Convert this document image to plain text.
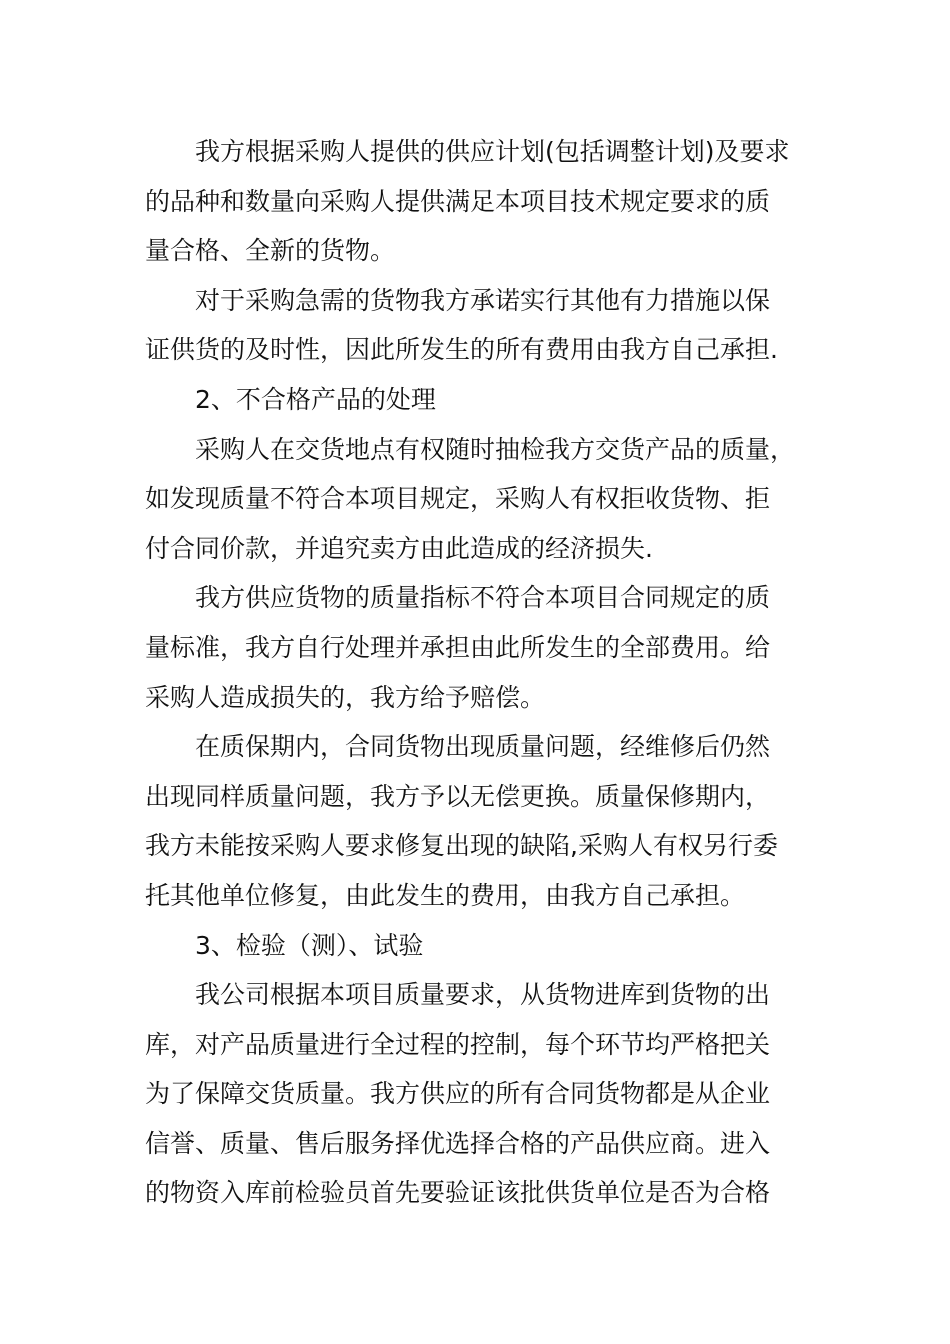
我方根据采购人提供的供应计划(包括调整计划)及要求
的品种和数量向采购人提供满足本项目技术规定要求的质
量合格、全新的货物。

对于采购急需的货物我方承诺实行其他有力措施以保
证供货的及时性，因此所发生的所有费用由我方自己承担.

2、不合格产品的处理

采购人在交货地点有权随时抽检我方交货产品的质量，
如发现质量不符合本项目规定，采购人有权拒收货物、拒
付合同价款，并追究卖方由此造成的经济损失.

我方供应货物的质量指标不符合本项目合同规定的质
量标准，我方自行处理并承担由此所发生的全部费用。给
采购人造成损失的，我方给予赔偿。

在质保期内，合同货物出现质量问题，经维修后仍然
出现同样质量问题，我方予以无偿更换。质量保修期内，
我方未能按采购人要求修复出现的缺陷,采购人有权另行委
托其他单位修复，由此发生的费用，由我方自己承担。

3、检验（测）、试验

我公司根据本项目质量要求，从货物进库到货物的出
库，对产品质量进行全过程的控制，每个环节均严格把关
为了保障交货质量。我方供应的所有合同货物都是从企业
信誉、质量、售后服务择优选择合格的产品供应商。进入
的物资入库前检验员首先要验证该批供货单位是否为合格
